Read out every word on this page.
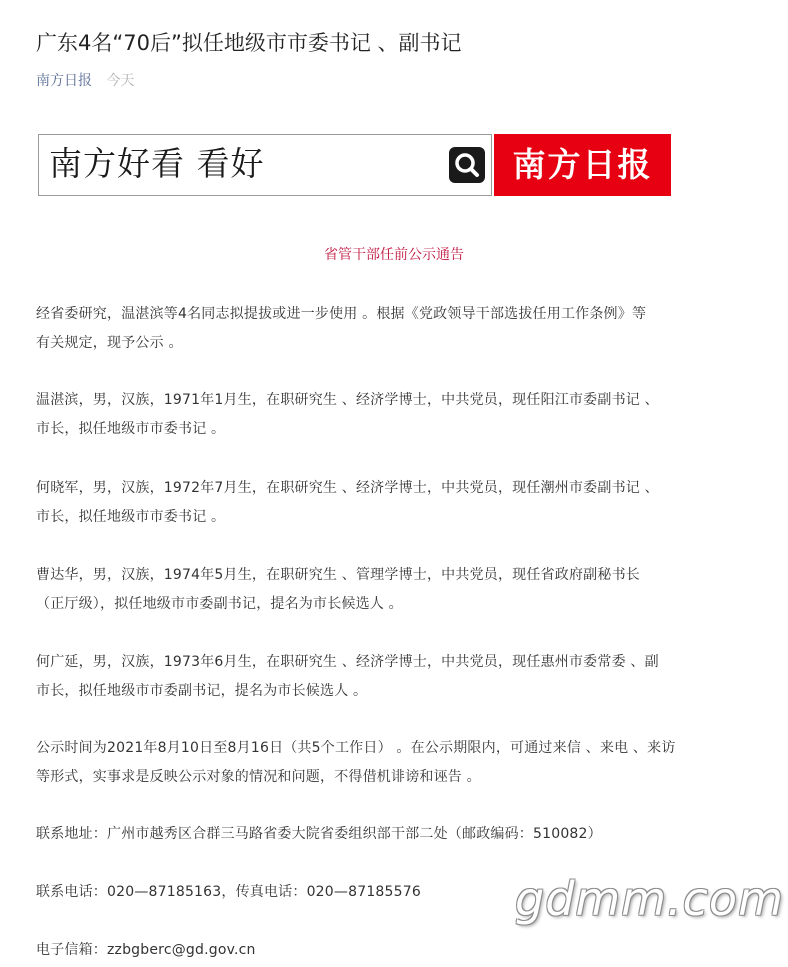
广东4名“70后”拟任地级市市委书记 、副书记
南方日报 今天
南方好看 看好	南方日报
省管干部任前公示通告

经省委研究，温湛滨等4名同志拟提拔或进一步使用 。根据《党政领导干部选拔任用工作条例》等
有关规定，现予公示 。

温湛滨，男，汉族，1971年1月生，在职研究生 、经济学博士，中共党员，现任阳江市委副书记 、
市长，拟任地级市市委书记 。

何晓军，男，汉族，1972年7月生，在职研究生 、经济学博士，中共党员，现任潮州市委副书记 、
市长，拟任地级市市委书记 。

曹达华，男，汉族，1974年5月生，在职研究生 、管理学博士，中共党员，现任省政府副秘书长
（正厅级），拟任地级市市委副书记，提名为市长候选人 。

何广延，男，汉族，1973年6月生，在职研究生 、经济学博士，中共党员，现任惠州市委常委 、副
市长，拟任地级市市委副书记，提名为市长候选人 。

公示时间为2021年8月10日至8月16日（共5个工作日） 。在公示期限内，可通过来信 、来电 、来访
等形式，实事求是反映公示对象的情况和问题，不得借机诽谤和诬告 。

联系地址：广州市越秀区合群三马路省委大院省委组织部干部二处（邮政编码：510082）

联系电话：020—87185163，传真电话：020—87185576

电子信箱：zzbgberc@gd.gov.cn

gdmm.com
